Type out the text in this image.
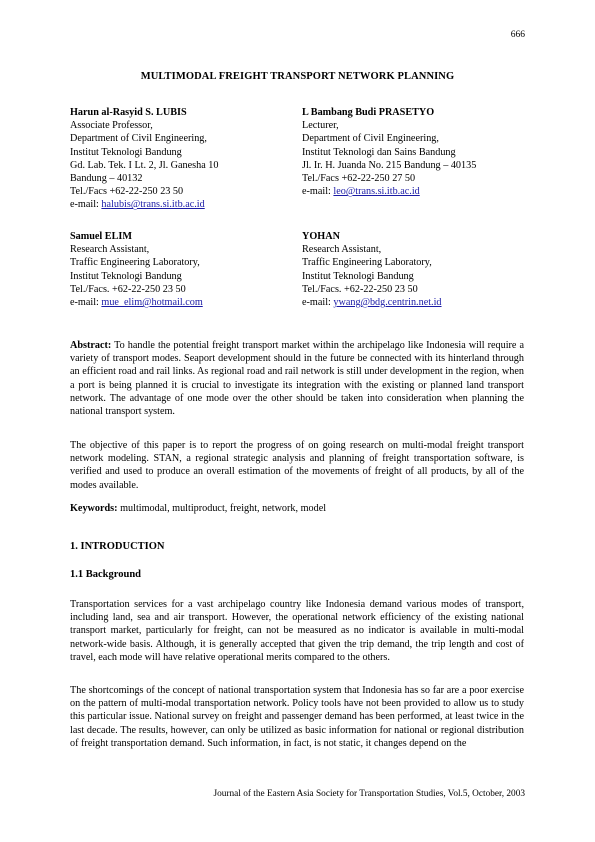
666
MULTIMODAL FREIGHT TRANSPORT NETWORK PLANNING
Harun al-Rasyid S. LUBIS
Associate Professor,
Department of Civil Engineering,
Institut Teknologi Bandung
Gd. Lab. Tek. I Lt. 2, Jl. Ganesha 10
Bandung – 40132
Tel./Facs +62-22-250 23 50
e-mail: halubis@trans.si.itb.ac.id
L Bambang Budi PRASETYO
Lecturer,
Department of Civil Engineering,
Institut Teknologi dan Sains Bandung
Jl. Ir. H. Juanda No. 215 Bandung – 40135
Tel./Facs +62-22-250 27 50
e-mail: leo@trans.si.itb.ac.id
Samuel ELIM
Research Assistant,
Traffic Engineering Laboratory,
Institut Teknologi Bandung
Tel./Facs. +62-22-250 23 50
e-mail: mue_elim@hotmail.com
YOHAN
Research Assistant,
Traffic Engineering Laboratory,
Institut Teknologi Bandung
Tel./Facs. +62-22-250 23 50
e-mail: ywang@bdg.centrin.net.id
Abstract: To handle the potential freight transport market within the archipelago like Indonesia will require a variety of transport modes. Seaport development should in the future be connected with its hinterland through an efficient road and rail links. As regional road and rail network is still under development in the region, when a port is being planned it is crucial to investigate its integration with the existing or planned land transport network. The advantage of one mode over the other should be taken into consideration when planning the national transport system.
The objective of this paper is to report the progress of on going research on multi-modal freight transport network modeling. STAN, a regional strategic analysis and planning of freight transportation software, is verified and used to produce an overall estimation of the movements of freight of all products, by all of the modes available.
Keywords: multimodal, multiproduct, freight, network, model
1. INTRODUCTION
1.1 Background
Transportation services for a vast archipelago country like Indonesia demand various modes of transport, including land, sea and air transport. However, the operational network efficiency of the existing national transport market, particularly for freight, can not be measured as no indicator is available in multi-modal network-wide basis. Although, it is generally accepted that given the trip demand, the trip length and cost of travel, each mode will have relative operational merits compared to the others.
The shortcomings of the concept of national transportation system that Indonesia has so far are a poor exercise on the pattern of multi-modal transportation network. Policy tools have not been provided to allow us to study this particular issue. National survey on freight and passenger demand has been performed, at least twice in the last decade. The results, however, can only be utilized as basic information for national or regional distribution of freight transportation demand. Such information, in fact, is not static, it changes depend on the
Journal of the Eastern Asia Society for Transportation Studies, Vol.5, October, 2003
